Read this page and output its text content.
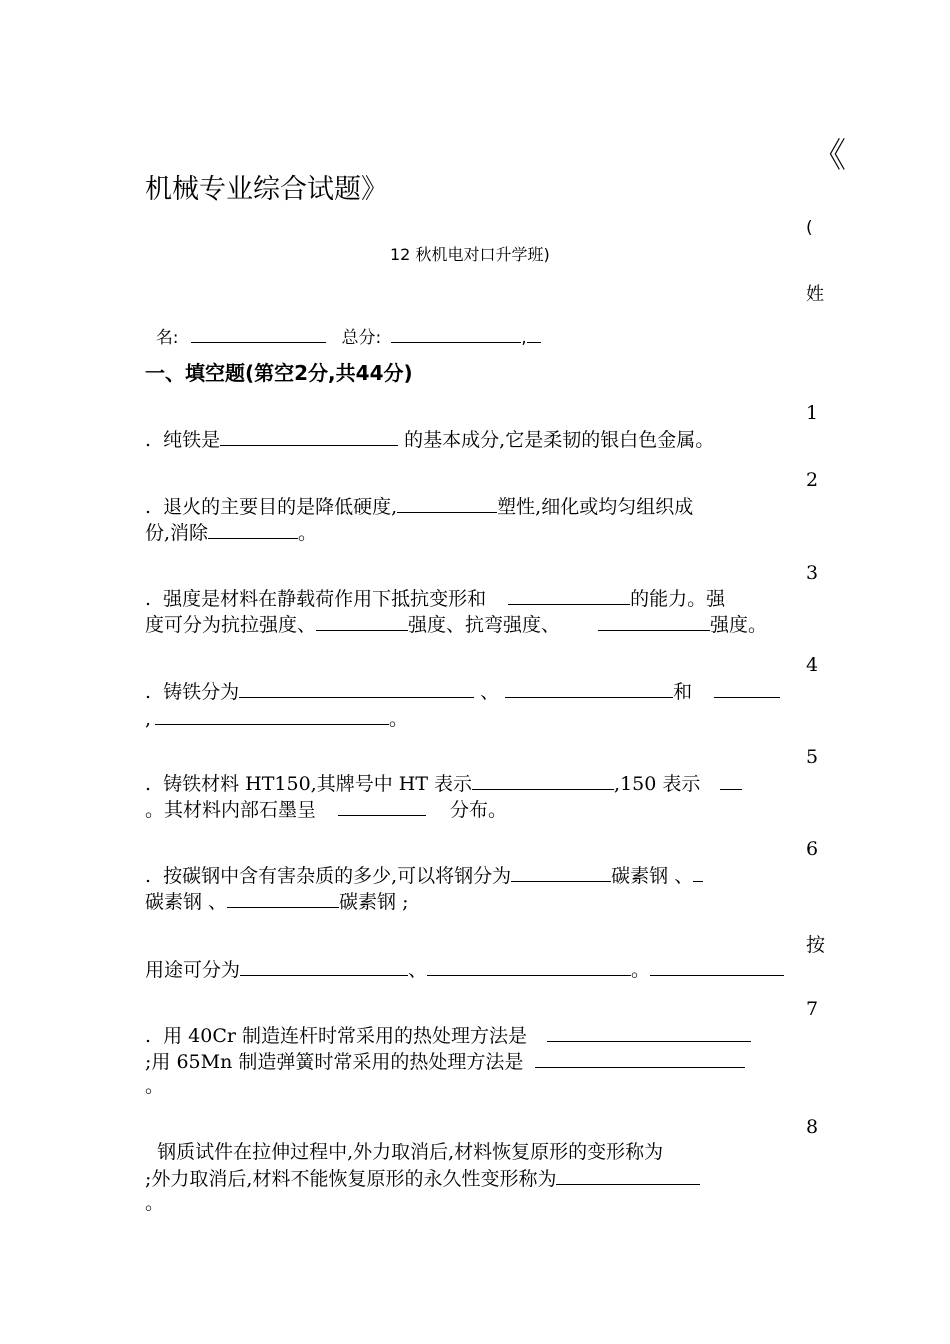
《
机械专业综合试题》
(
12 秋机电对口升学班)
姓

名:	总分:	,

一、填空题(第空2分,共44分)
1
.  纯铁是	的基本成分,它是柔韧的银白色金属。
2
.  退火的主要目的是降低硬度,	塑性,细化或均匀组织成
份,消除	。
3
.  强度是材料在静载荷作用下抵抗变形和	的能力。强
度可分为抗拉强度、	强度、抗弯强度、	强度。
4
.  铸铁分为	、	和
,	。
5
.  铸铁材料 HT150,其牌号中 HT 表示	,150 表示
。其材料内部石墨呈	分布。
6
.  按碳钢中含有害杂质的多少,可以将钢分为	碳素钢 、
碳素钢 、	碳素钢 ;
按
用途可分为	、	。
7
.  用 40Cr 制造连杆时常采用的热处理方法是
;用 65Mn 制造弹簧时常采用的热处理方法是
。
8
钢质试件在拉伸过程中,外力取消后,材料恢复原形的变形称为
;外力取消后,材料不能恢复原形的永久性变形称为
。
